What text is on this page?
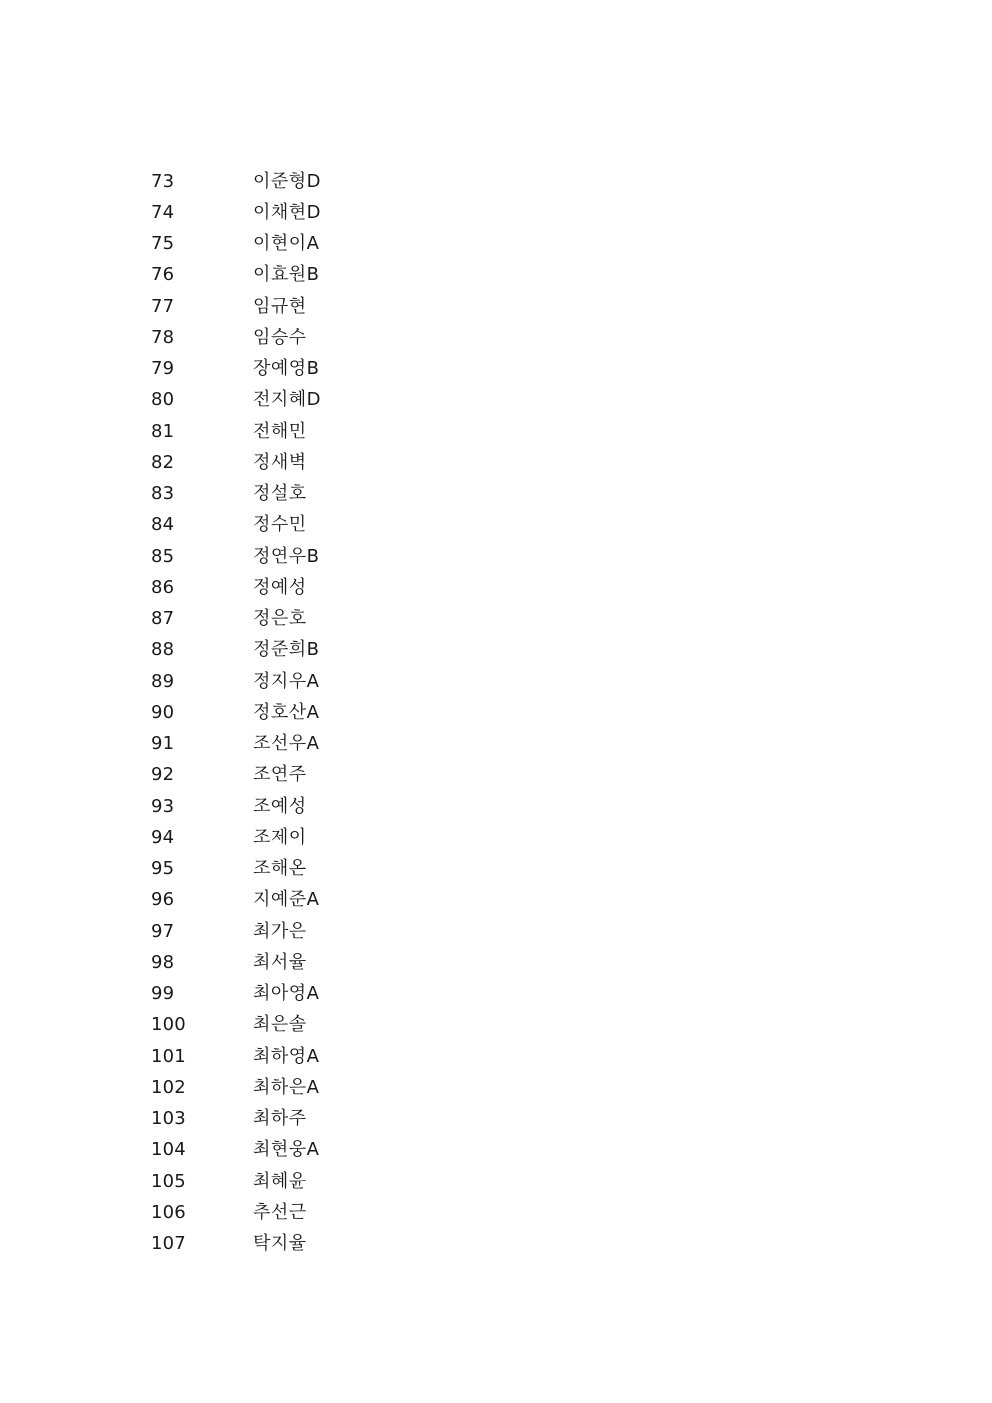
73	이준형D
74	이채현D
75	이현이A
76	이효원B
77	임규현
78	임승수
79	장예영B
80	전지혜D
81	전해민
82	정새벽
83	정설호
84	정수민
85	정연우B
86	정예성
87	정은호
88	정준희B
89	정지우A
90	정호산A
91	조선우A
92	조연주
93	조예성
94	조제이
95	조해온
96	지예준A
97	최가은
98	최서율
99	최아영A
100	최은솔
101	최하영A
102	최하은A
103	최하주
104	최현웅A
105	최혜윤
106	추선근
107	탁지율
